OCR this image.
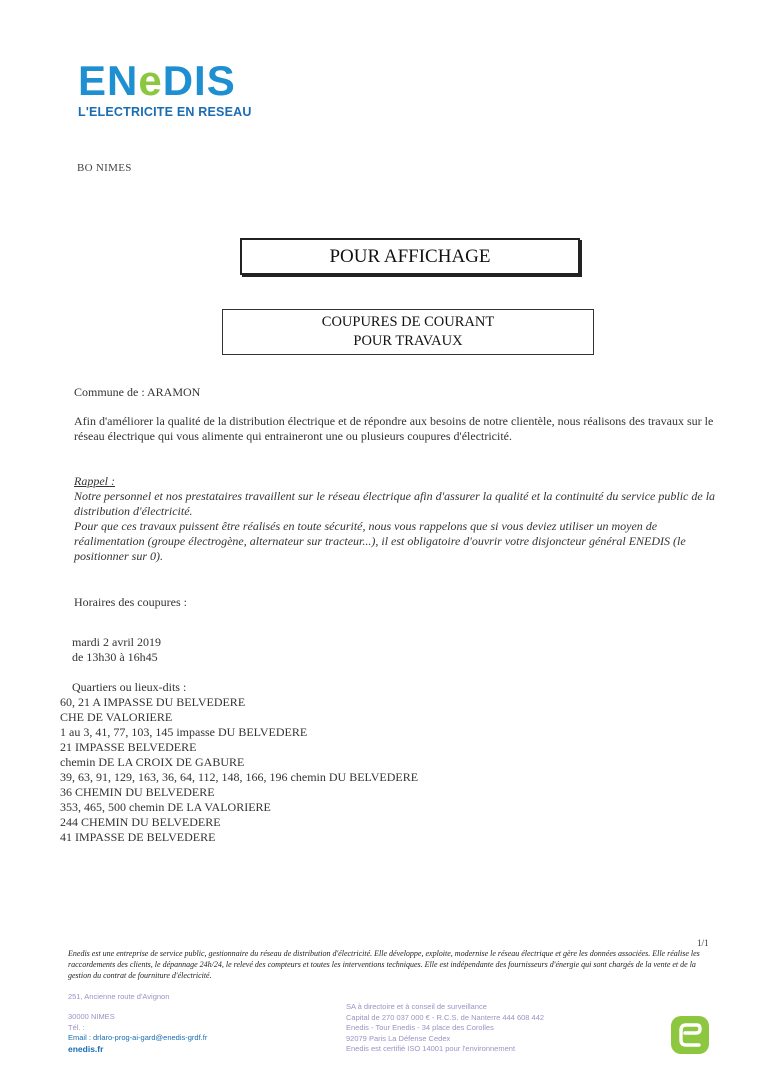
ENeDIS
L'ELECTRICITE EN RESEAU
BO NIMES
POUR AFFICHAGE
COUPURES DE COURANT
POUR TRAVAUX
Commune de : ARAMON
Afin d'améliorer la qualité de la distribution électrique et de répondre aux besoins de notre clientèle, nous réalisons des travaux sur le réseau électrique qui vous alimente qui entraineront une ou plusieurs coupures d'électricité.
Rappel :
Notre personnel et nos prestataires travaillent sur le réseau électrique afin d'assurer la qualité et la continuité du service public de la distribution d'électricité.
Pour que ces travaux puissent être réalisés en toute sécurité, nous vous rappelons que si vous deviez utiliser un moyen de réalimentation (groupe électrogène, alternateur sur tracteur...), il est obligatoire d'ouvrir votre disjoncteur général ENEDIS (le positionner sur 0).
Horaires des coupures :
mardi 2 avril 2019
de 13h30 à 16h45
Quartiers ou lieux-dits :
60, 21 A IMPASSE DU BELVEDERE
CHE DE VALORIERE
1 au 3, 41, 77, 103, 145 impasse DU BELVEDERE
21 IMPASSE BELVEDERE
chemin DE LA CROIX DE GABURE
39, 63, 91, 129, 163, 36, 64, 112, 148, 166, 196 chemin DU BELVEDERE
36 CHEMIN DU BELVEDERE
353, 465, 500 chemin DE LA VALORIERE
244 CHEMIN DU BELVEDERE
41 IMPASSE DE BELVEDERE
1/1
Enedis est une entreprise de service public, gestionnaire du réseau de distribution d'électricité. Elle développe, exploite, modernise le réseau électrique et gère les données associées. Elle réalise les raccordements des clients, le dépannage 24h/24, le relevé des compteurs et toutes les interventions techniques. Elle est indépendante des fournisseurs d'énergie qui sont chargés de la vente et de la gestion du contrat de fourniture d'électricité.
251, Ancienne route d'Avignon
30000 NIMES
Tél. :
Email : drlaro-prog-ai-gard@enedis-grdf.fr
enedis.fr
SA à directoire et à conseil de surveillance
Capital de 270 037 000 € - R.C.S. de Nanterre 444 608 442
Enedis - Tour Enedis - 34 place des Corolles
92079 Paris La Défense Cedex
Enedis est certifié ISO 14001 pour l'environnement
